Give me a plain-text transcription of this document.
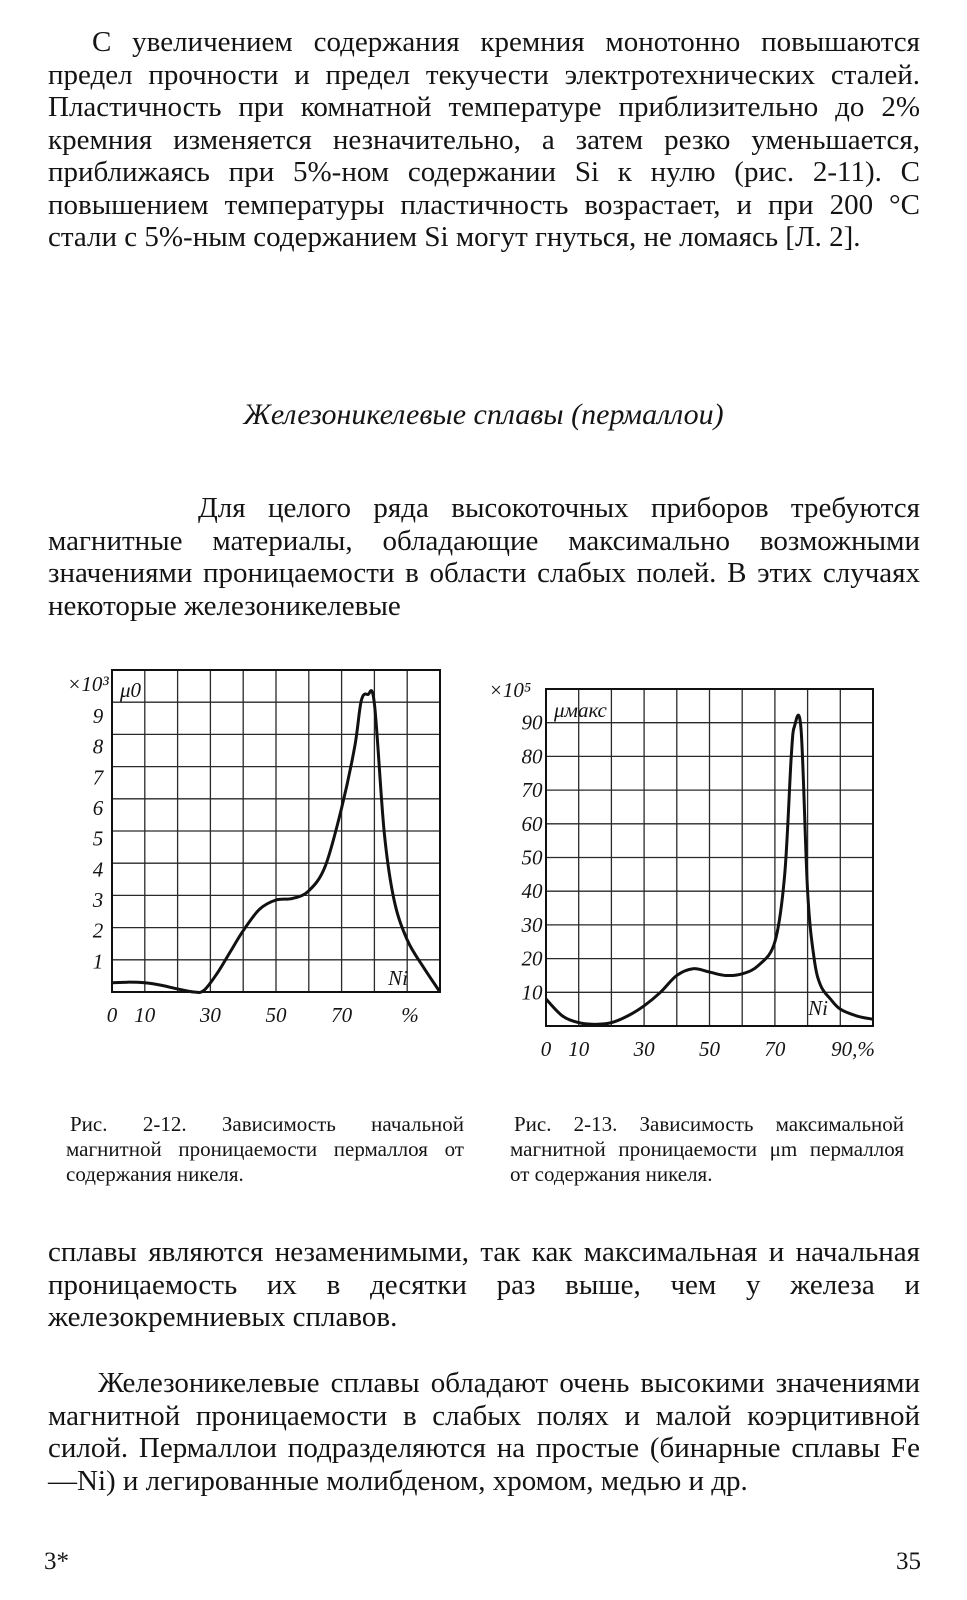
С увеличением содержания кремния монотонно повышаются предел прочности и предел текучести электротехнических сталей. Пластичность при комнатной температуре приблизительно до 2% кремния изменяется незначительно, а затем резко уменьшается, приближаясь при 5%-ном содержании Si к нулю (рис. 2-11). С повышением температуры пластичность возрастает, и при 200 °С стали с 5%-ным содержанием Si могут гнуться, не ломаясь [Л. 2].

Железоникелевые сплавы (пермаллои)

Для целого ряда высокоточных приборов требуются магнитные материалы, обладающие максимально возможными значениями проницаемости в области слабых полей. В этих случаях некоторые железоникелевые

1
2
3
4
5
6
7
8
9
0 10 30 50 70 %
×10³ μ0
Ni
10
20
30
40
50
60
70
80
90
0 10 30 50 70 90,%
×10⁵
μмакс
Ni

Рис. 2-12. Зависимость начальной магнитной проницаемости пермаллоя от содержания никеля.

Рис. 2-13. Зависимость максимальной магнитной проницаемости μm пермаллоя от содержания никеля.

сплавы являются незаменимыми, так как максимальная и начальная проницаемость их в десятки раз выше, чем у железа и железокремниевых сплавов.

Железоникелевые сплавы обладают очень высокими значениями магнитной проницаемости в слабых полях и малой коэрцитивной силой. Пермаллои подразделяются на простые (бинарные сплавы Fe—Ni) и легированные молибденом, хромом, медью и др.

3*	35
